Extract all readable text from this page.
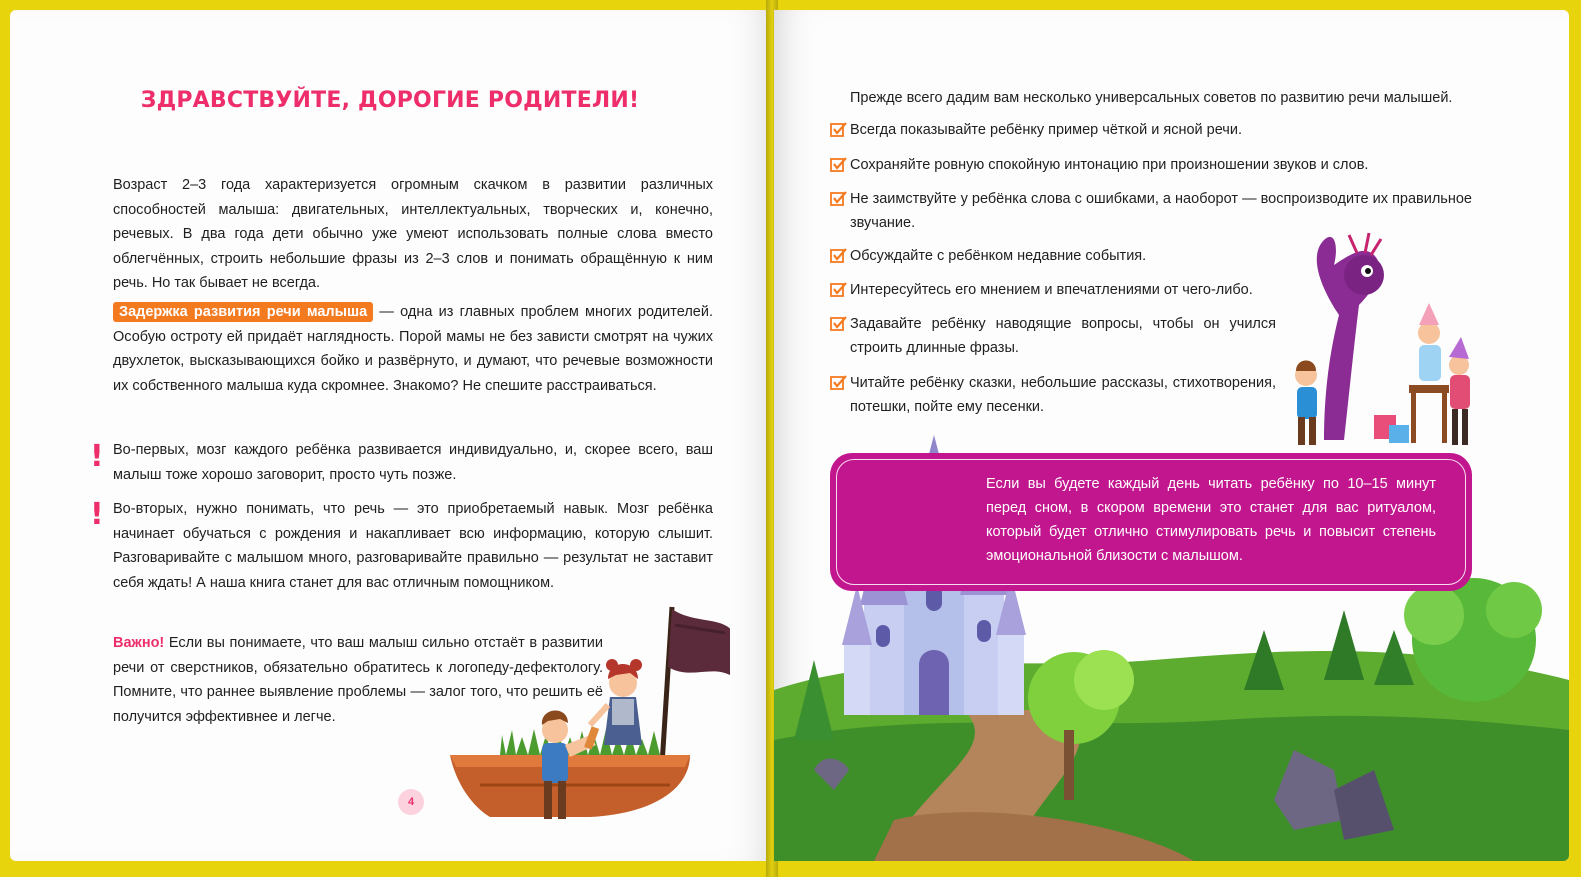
ЗДРАВСТВУЙТЕ, ДОРОГИЕ РОДИТЕЛИ!

Возраст 2–3 года характеризуется огромным скачком в развитии различных способностей малыша: двигательных, интеллектуальных, творческих и, конечно, речевых. В два года дети обычно уже умеют использовать полные слова вместо облегчённых, строить небольшие фразы из 2–3 слов и понимать обращённую к ним речь. Но так бывает не всегда.

Задержка развития речи малыша — одна из главных проблем многих родителей. Особую остроту ей придаёт наглядность. Порой мамы не без зависти смотрят на чужих двухлеток, высказывающихся бойко и развёрнуто, и думают, что речевые возможности их собственного малыша куда скромнее. Знакомо? Не спешите расстраиваться.

! Во-первых, мозг каждого ребёнка развивается индивидуально, и, скорее всего, ваш малыш тоже хорошо заговорит, просто чуть позже.

! Во-вторых, нужно понимать, что речь — это приобретаемый навык. Мозг ребёнка начинает обучаться с рождения и накапливает всю информацию, которую слышит. Разговаривайте с малышом много, разговаривайте правильно — результат не заставит себя ждать! А наша книга станет для вас отличным помощником.

Важно! Если вы понимаете, что ваш малыш сильно отстаёт в развитии речи от сверстников, обязательно обратитесь к логопеду-дефектологу. Помните, что раннее выявление проблемы — залог того, что решить её получится эффективнее и легче.

4
Если вы будете каждый день читать ребёнку по 10–15 минут перед сном, в скором времени это станет для вас ритуалом, который будет отлично стимулировать речь и повысит степень эмоциональной близости с малышом.
Прежде всего дадим вам несколько универсальных советов по развитию речи малышей.
Всегда показывайте ребёнку пример чёткой и ясной речи.
Сохраняйте ровную спокойную интонацию при произношении звуков и слов.
Не заимствуйте у ребёнка слова с ошибками, а наоборот — воспроизводите их правильное звучание.
Обсуждайте с ребёнком недавние события.
Интересуйтесь его мнением и впечатлениями от чего-либо.
Задавайте ребёнку наводящие вопросы, чтобы он учился строить длинные фразы.
Читайте ребёнку сказки, небольшие рассказы, стихотворения, потешки, пойте ему песенки.
